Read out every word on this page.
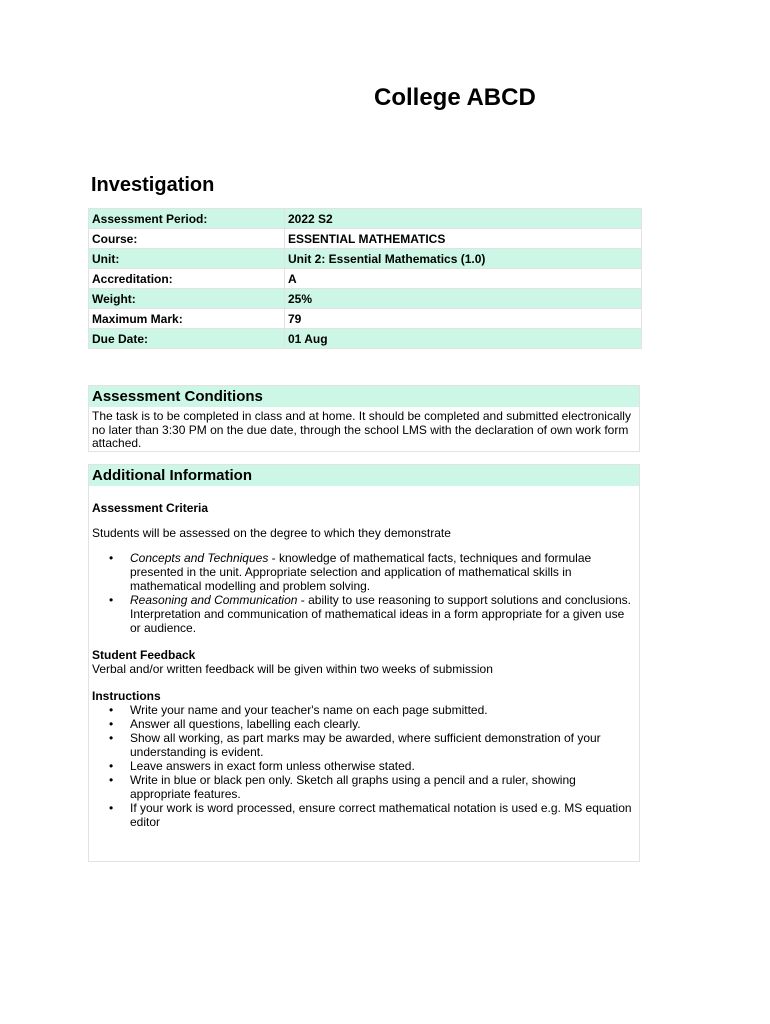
College ABCD
Investigation
Assessment Period:	2022 S2
Course:	ESSENTIAL MATHEMATICS
Unit:	Unit 2: Essential Mathematics (1.0)
Accreditation:	A
Weight:	25%
Maximum Mark:	79
Due Date:	01 Aug
Assessment Conditions

The task is to be completed in class and at home. It should be completed and submitted electronically no later than 3:30 PM on the due date, through the school LMS with the declaration of own work form attached.

Additional Information

Assessment Criteria

Students will be assessed on the degree to which they demonstrate

• Concepts and Techniques - knowledge of mathematical facts, techniques and formulae presented in the unit. Appropriate selection and application of mathematical skills in mathematical modelling and problem solving.
• Reasoning and Communication - ability to use reasoning to support solutions and conclusions. Interpretation and communication of mathematical ideas in a form appropriate for a given use or audience.

Student Feedback

Verbal and/or written feedback will be given within two weeks of submission

Instructions

• Write your name and your teacher's name on each page submitted.
• Answer all questions, labelling each clearly.
• Show all working, as part marks may be awarded, where sufficient demonstration of your understanding is evident.
• Leave answers in exact form unless otherwise stated.
• Write in blue or black pen only. Sketch all graphs using a pencil and a ruler, showing appropriate features.
• If your work is word processed, ensure correct mathematical notation is used e.g. MS equation editor
